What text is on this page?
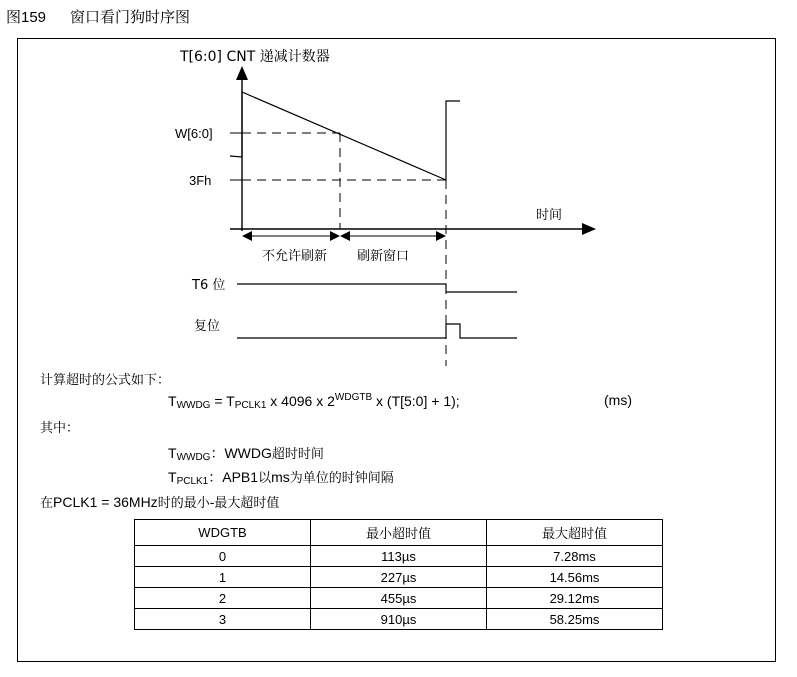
图159 窗口看门狗时序图
T[6:0] CNT 递减计数器
时间
W[6:0]
3Fh
不允许刷新 刷新窗口
T6 位
复位
计算超时的公式如下：
$T_{WWDG} = T_{PCLK1}$ x 4096 x $2^{WDGTB}$ x (T[5:0] + 1);	(ms)
其中：
$T_{WWDG}$：WWDG超时时间
$T_{PCLK1}$：APB1以ms为单位的时钟间隔
在PCLK1 = 36MHz时的最小-最大超时值
WDGTB	最小超时值	最大超时值
0	113µs	7.28ms
1	227µs	14.56ms
2	455µs	29.12ms
3	910µs	58.25ms
